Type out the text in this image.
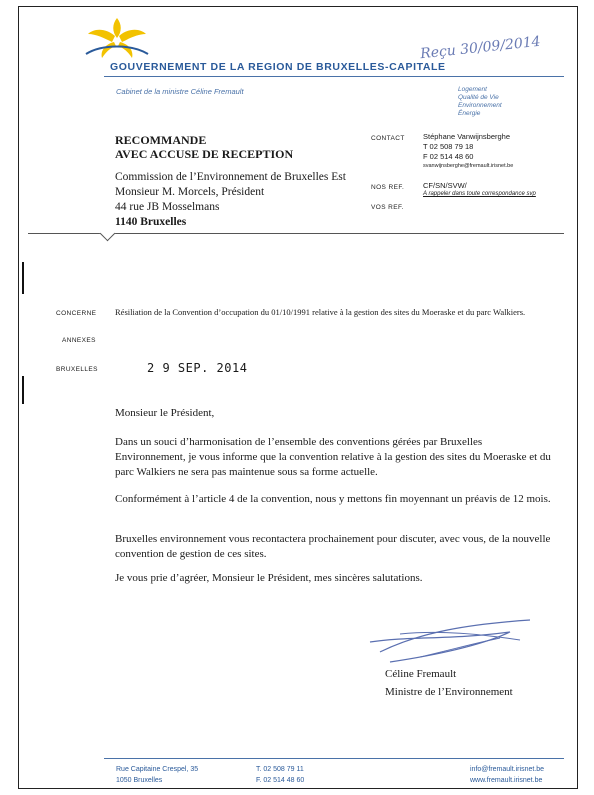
GOUVERNEMENT DE LA REGION DE BRUXELLES-CAPITALE
Cabinet de la ministre Céline Fremault	Logement
Qualité de Vie
Environnement
Énergie
Reçu 30/09/2014
RECOMMANDE
AVEC ACCUSE DE RECEPTION
Commission de l’Environnement de Bruxelles Est
Monsieur M. Morcels, Président
44 rue JB Mosselmans
1140 Bruxelles
CONTACT Stéphane Vanwijnsberghe
T 02 508 79 18
F 02 514 48 60
svanwijnsberghe@fremault.irisnet.be
NOS REF.	CF/SN/SVW/
A rappeler dans toute correspondance svp
VOS REF.
CONCERNE Résiliation de la Convention d’occupation du 01/10/1991 relative à la gestion des sites du Moeraske et du parc Walkiers.
ANNEXES
BRUXELLES	2 9 SEP. 2014
Monsieur le Président,
Dans un souci d’harmonisation de l’ensemble des conventions gérées par Bruxelles Environnement, je vous informe que la convention relative à la gestion des sites du Moeraske et du parc Walkiers ne sera pas maintenue sous sa forme actuelle.
Conformément à l’article 4 de la convention, nous y mettons fin moyennant un préavis de 12 mois.
Bruxelles environnement vous recontactera prochainement pour discuter, avec vous, de la nouvelle convention de gestion de ces sites.
Je vous prie d’agréer, Monsieur le Président, mes sincères salutations.
Céline Fremault
Ministre de l’Environnement
Rue Capitaine Crespel, 35
1050 Bruxelles
T. 02 508 79 11
F. 02 514 48 60
info@fremault.irisnet.be
www.fremault.irisnet.be
